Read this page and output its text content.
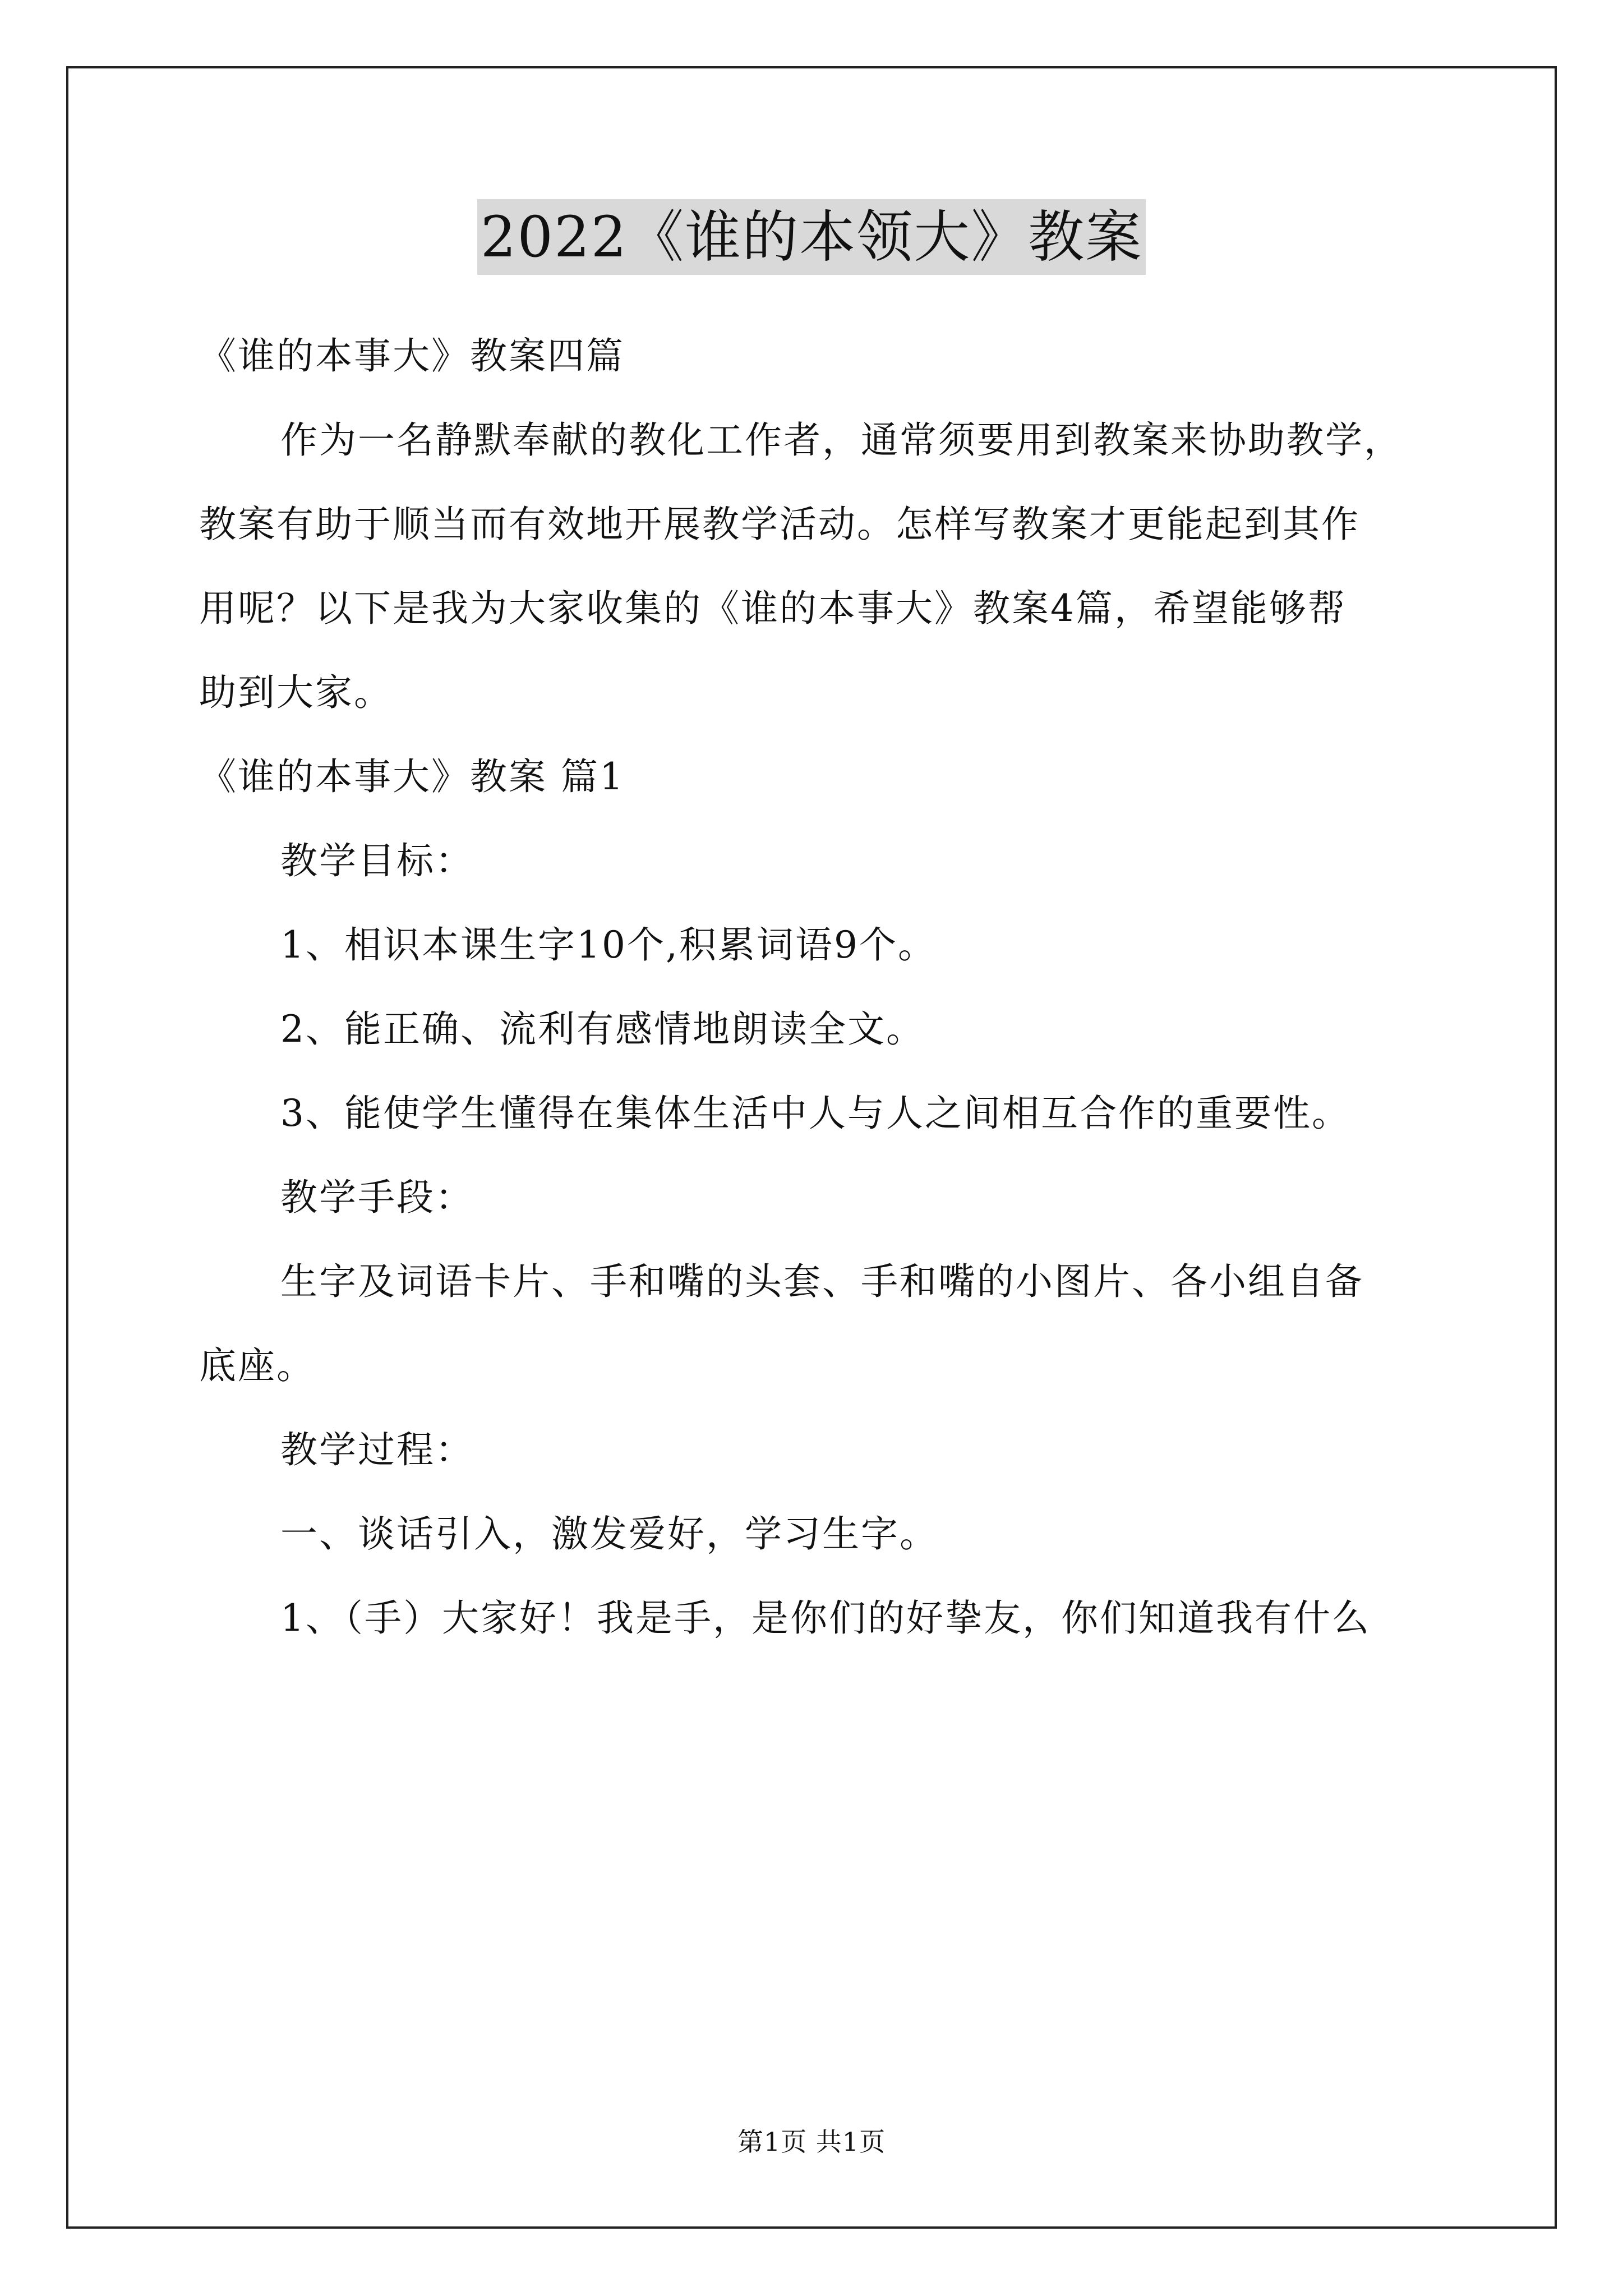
2022《谁的本领大》教案

《谁的本事大》教案四篇

作为一名静默奉献的教化工作者，通常须要用到教案来协助教学，

教案有助于顺当而有效地开展教学活动。怎样写教案才更能起到其作

用呢？以下是我为大家收集的《谁的本事大》教案4篇，希望能够帮

助到大家。

《谁的本事大》教案 篇1

教学目标：

1、相识本课生字10个,积累词语9个。

2、能正确、流利有感情地朗读全文。

3、能使学生懂得在集体生活中人与人之间相互合作的重要性。

教学手段：

生字及词语卡片、手和嘴的头套、手和嘴的小图片、各小组自备

底座。

教学过程：

一、谈话引入，激发爱好，学习生字。

1、（手）大家好！我是手，是你们的好挚友，你们知道我有什么

第1页 共1页
